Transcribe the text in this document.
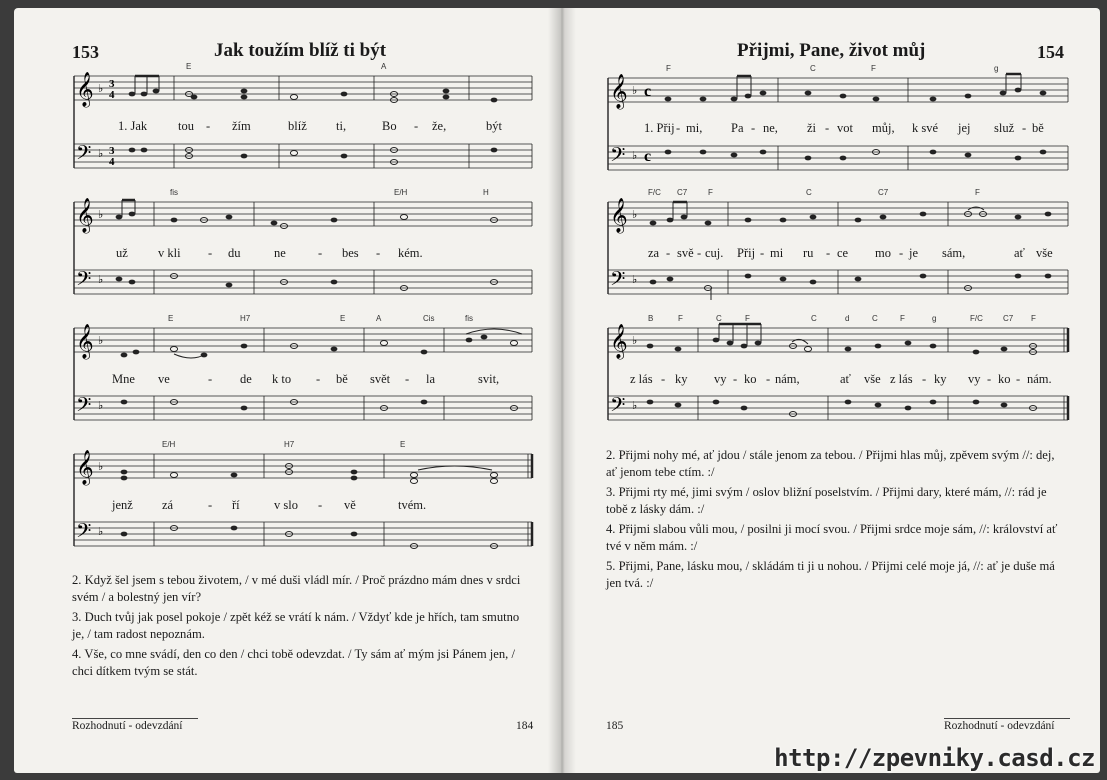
153	Jak toužím blíž ti být
E	A
𝄞
𝄢
♭ 3
4
♭ 3
4
1. Jak tou - žím	blíž ti,	Bo - že,	být
fis	E/H	H
𝄞
𝄢
♭
♭
už v kli - du	ne	- bes - kém.
E	H7	E	A	Cis	fis
𝄞
𝄢
♭
♭
Mne ve	- de k to - bě svět - la	svit,
E/H	H7	E
𝄞
𝄢
♭
♭
jenž zá	- ří	v slo - vě	tvém.

2. Když šel jsem s tebou životem, / v mé duši vládl mír. / Proč prázdno mám dnes v srdci svém / a bolestný jen vír?

3. Duch tvůj jak posel pokoje / zpět kéž se vrátí k nám. / Vždyť kde je hřích, tam smutno je, / tam radost nepoznám.

4. Vše, co mne svádí, den co den / chci tobě odevzdat. / Ty sám ať mým jsi Pánem jen, / chci dítkem tvým se stát.

Rozhodnutí - odevzdání	184
Přijmi, Pane, život můj	154
F	C	F	g
𝄞
𝄢
♭ c
♭ c
1. Přij - mi, Pa - ne, ži - vot můj, k své jej služ - bě
F/C C7	F	C	C7	F
𝄞
𝄢
♭
♭
za - svě - cuj. Přij - mi ru - ce mo - je sám,	ať vše
B	F	C	F	C	d	C	F	g	F/C	C7 F
𝄞
𝄢
♭
♭
z lás - ky vy - ko - nám,	ať vše z lás - ky vy - ko - nám.

2. Přijmi nohy mé, ať jdou / stále jenom za tebou. / Přijmi hlas můj, zpěvem svým //: dej, ať jenom tebe ctím. :/

3. Přijmi rty mé, jimi svým / oslov bližní poselstvím. / Přijmi dary, které mám, //: rád je tobě z lásky dám. :/

4. Přijmi slabou vůli mou, / posilni ji mocí svou. / Přijmi srdce moje sám, //: království ať tvé v něm mám. :/

5. Přijmi, Pane, lásku mou, / skládám ti ji u nohou. / Přijmi celé moje já, //: ať je duše má jen tvá. :/

185	Rozhodnutí - odevzdání
http://zpevniky.casd.cz
